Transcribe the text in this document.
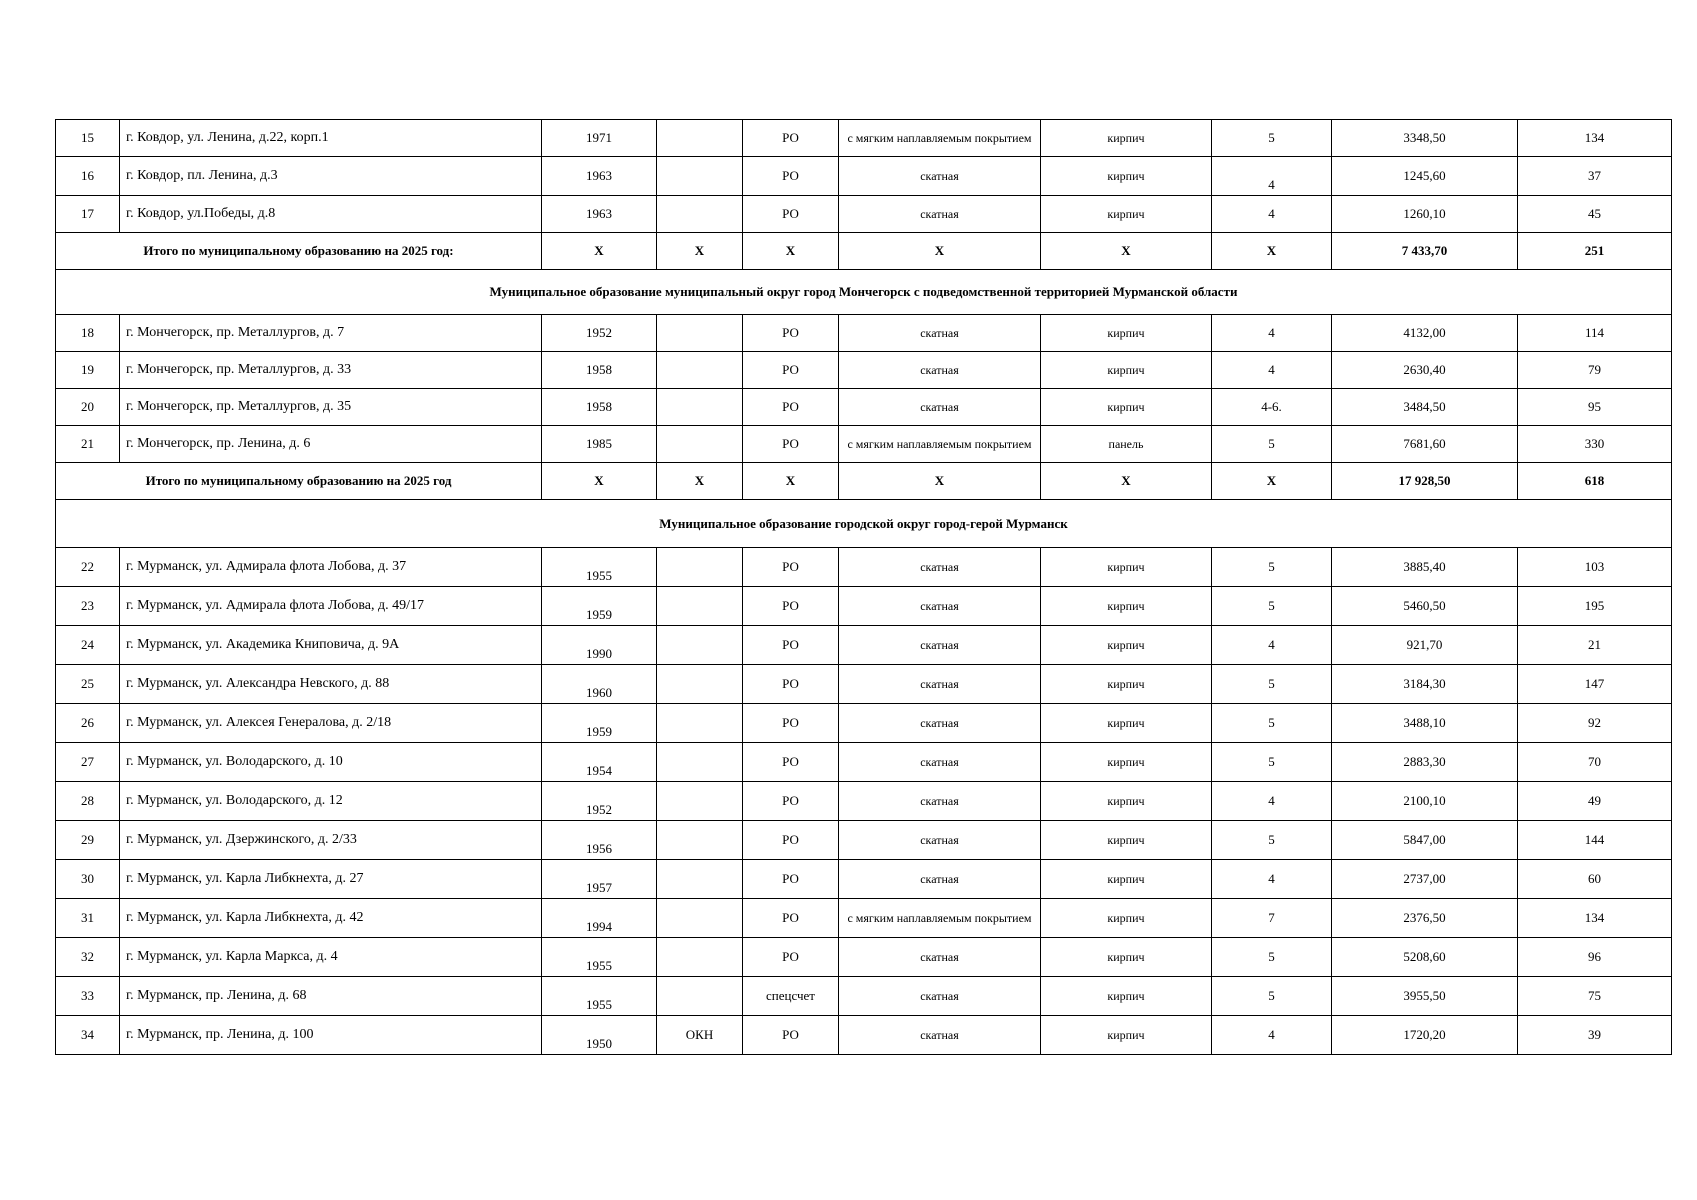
15	г. Ковдор, ул. Ленина, д.22, корп.1	1971		РО	с мягким наплавляемым покрытием	кирпич	5	3348,50	134
16	г. Ковдор, пл. Ленина, д.3	1963		РО	скатная	кирпич	4	1245,60	37
17	г. Ковдор, ул.Победы, д.8	1963		РО	скатная	кирпич	4	1260,10	45
Итого по муниципальному образованию на 2025 год:		Х	Х	Х	Х	Х	Х	7 433,70	251
Муниципальное образование муниципальный округ город Мончегорск с подведомственной территорией Мурманской области									
18	г. Мончегорск, пр. Металлургов, д. 7	1952		РО	скатная	кирпич	4	4132,00	114
19	г. Мончегорск, пр. Металлургов, д. 33	1958		РО	скатная	кирпич	4	2630,40	79
20	г. Мончегорск, пр. Металлургов, д. 35	1958		РО	скатная	кирпич	4-6.	3484,50	95
21	г. Мончегорск, пр. Ленина, д. 6	1985		РО	с мягким наплавляемым покрытием	панель	5	7681,60	330
Итого по муниципальному образованию на 2025 год		Х	Х	Х	Х	Х	Х	17 928,50	618
Муниципальное образование городской округ город-герой Мурманск									
22	г. Мурманск, ул. Адмирала флота Лобова, д. 37	1955		РО	скатная	кирпич	5	3885,40	103
23	г. Мурманск, ул. Адмирала флота Лобова, д. 49/17	1959		РО	скатная	кирпич	5	5460,50	195
24	г. Мурманск, ул. Академика Книповича, д. 9А	1990		РО	скатная	кирпич	4	921,70	21
25	г. Мурманск, ул. Александра Невского, д. 88	1960		РО	скатная	кирпич	5	3184,30	147
26	г. Мурманск, ул. Алексея Генералова, д. 2/18	1959		РО	скатная	кирпич	5	3488,10	92
27	г. Мурманск, ул. Володарского, д. 10	1954		РО	скатная	кирпич	5	2883,30	70
28	г. Мурманск, ул. Володарского, д. 12	1952		РО	скатная	кирпич	4	2100,10	49
29	г. Мурманск, ул. Дзержинского, д. 2/33	1956		РО	скатная	кирпич	5	5847,00	144
30	г. Мурманск, ул. Карла Либкнехта, д. 27	1957		РО	скатная	кирпич	4	2737,00	60
31	г. Мурманск, ул. Карла Либкнехта, д. 42	1994		РО	с мягким наплавляемым покрытием	кирпич	7	2376,50	134
32	г. Мурманск, ул. Карла Маркса, д. 4	1955		РО	скатная	кирпич	5	5208,60	96
33	г. Мурманск, пр. Ленина, д. 68	1955		спецсчет	скатная	кирпич	5	3955,50	75
34	г. Мурманск, пр. Ленина, д. 100	1950	ОКН	РО	скатная	кирпич	4	1720,20	39
